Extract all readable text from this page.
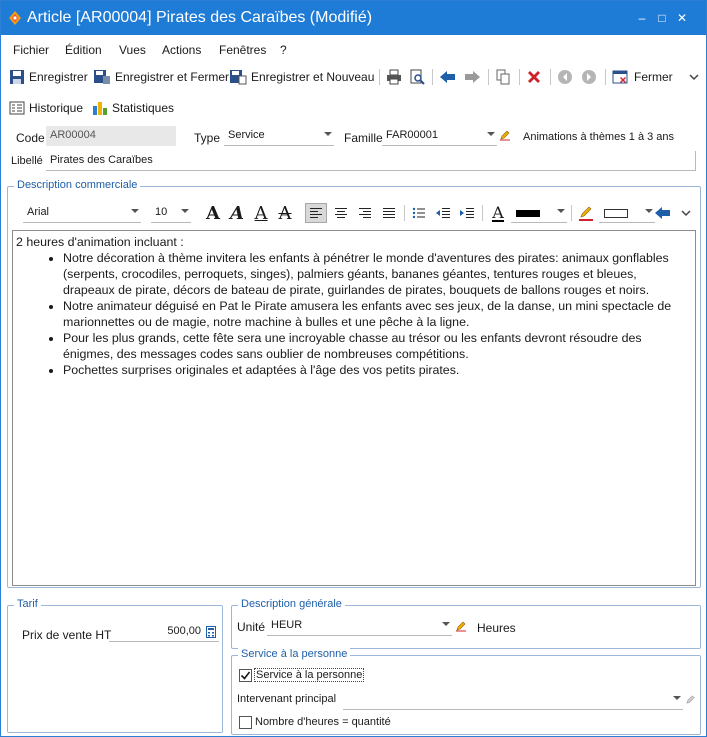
Article [AR00004] Pirates des Caraïbes (Modifié)	–	□ ✕
Fichier Édition Vues Actions Fenêtres ?
Enregistrer Enregistrer et Fermer Enregistrer et Nouveau	Fermer
Historique Statistiques
Code AR00004	Type Service	Famille FAR00001	Animations à thèmes 1 à 3 ans
Libellé Pirates des Caraïbes
Description commerciale
Arial	10	A A A A	A
2 heures d'animation incluant :
• Notre décoration à thème invitera les enfants à pénétrer le monde d'aventures des pirates: animaux gonflables (serpents, crocodiles, perroquets, singes), palmiers géants, bananes géantes, tentures rouges et bleues, drapeaux de pirate, décors de bateau de pirate, guirlandes de pirates, bouquets de ballons rouges et noirs.
• Notre animateur déguisé en Pat le Pirate amusera les enfants avec ses jeux, de la danse, un mini spectacle de marionnettes ou de magie, notre machine à bulles et une pêche à la ligne.
• Pour les plus grands, cette fête sera une incroyable chasse au trésor ou les enfants devront résoudre des énigmes, des messages codes sans oublier de nombreuses compétitions.
• Pochettes surprises originales et adaptées à l'âge des vos petits pirates.
Tarif
Prix de vente HT	500,00
Description générale
Unité HEUR	Heures
Service à la personne
Service à la personne
Intervenant principal
Nombre d'heures = quantité
